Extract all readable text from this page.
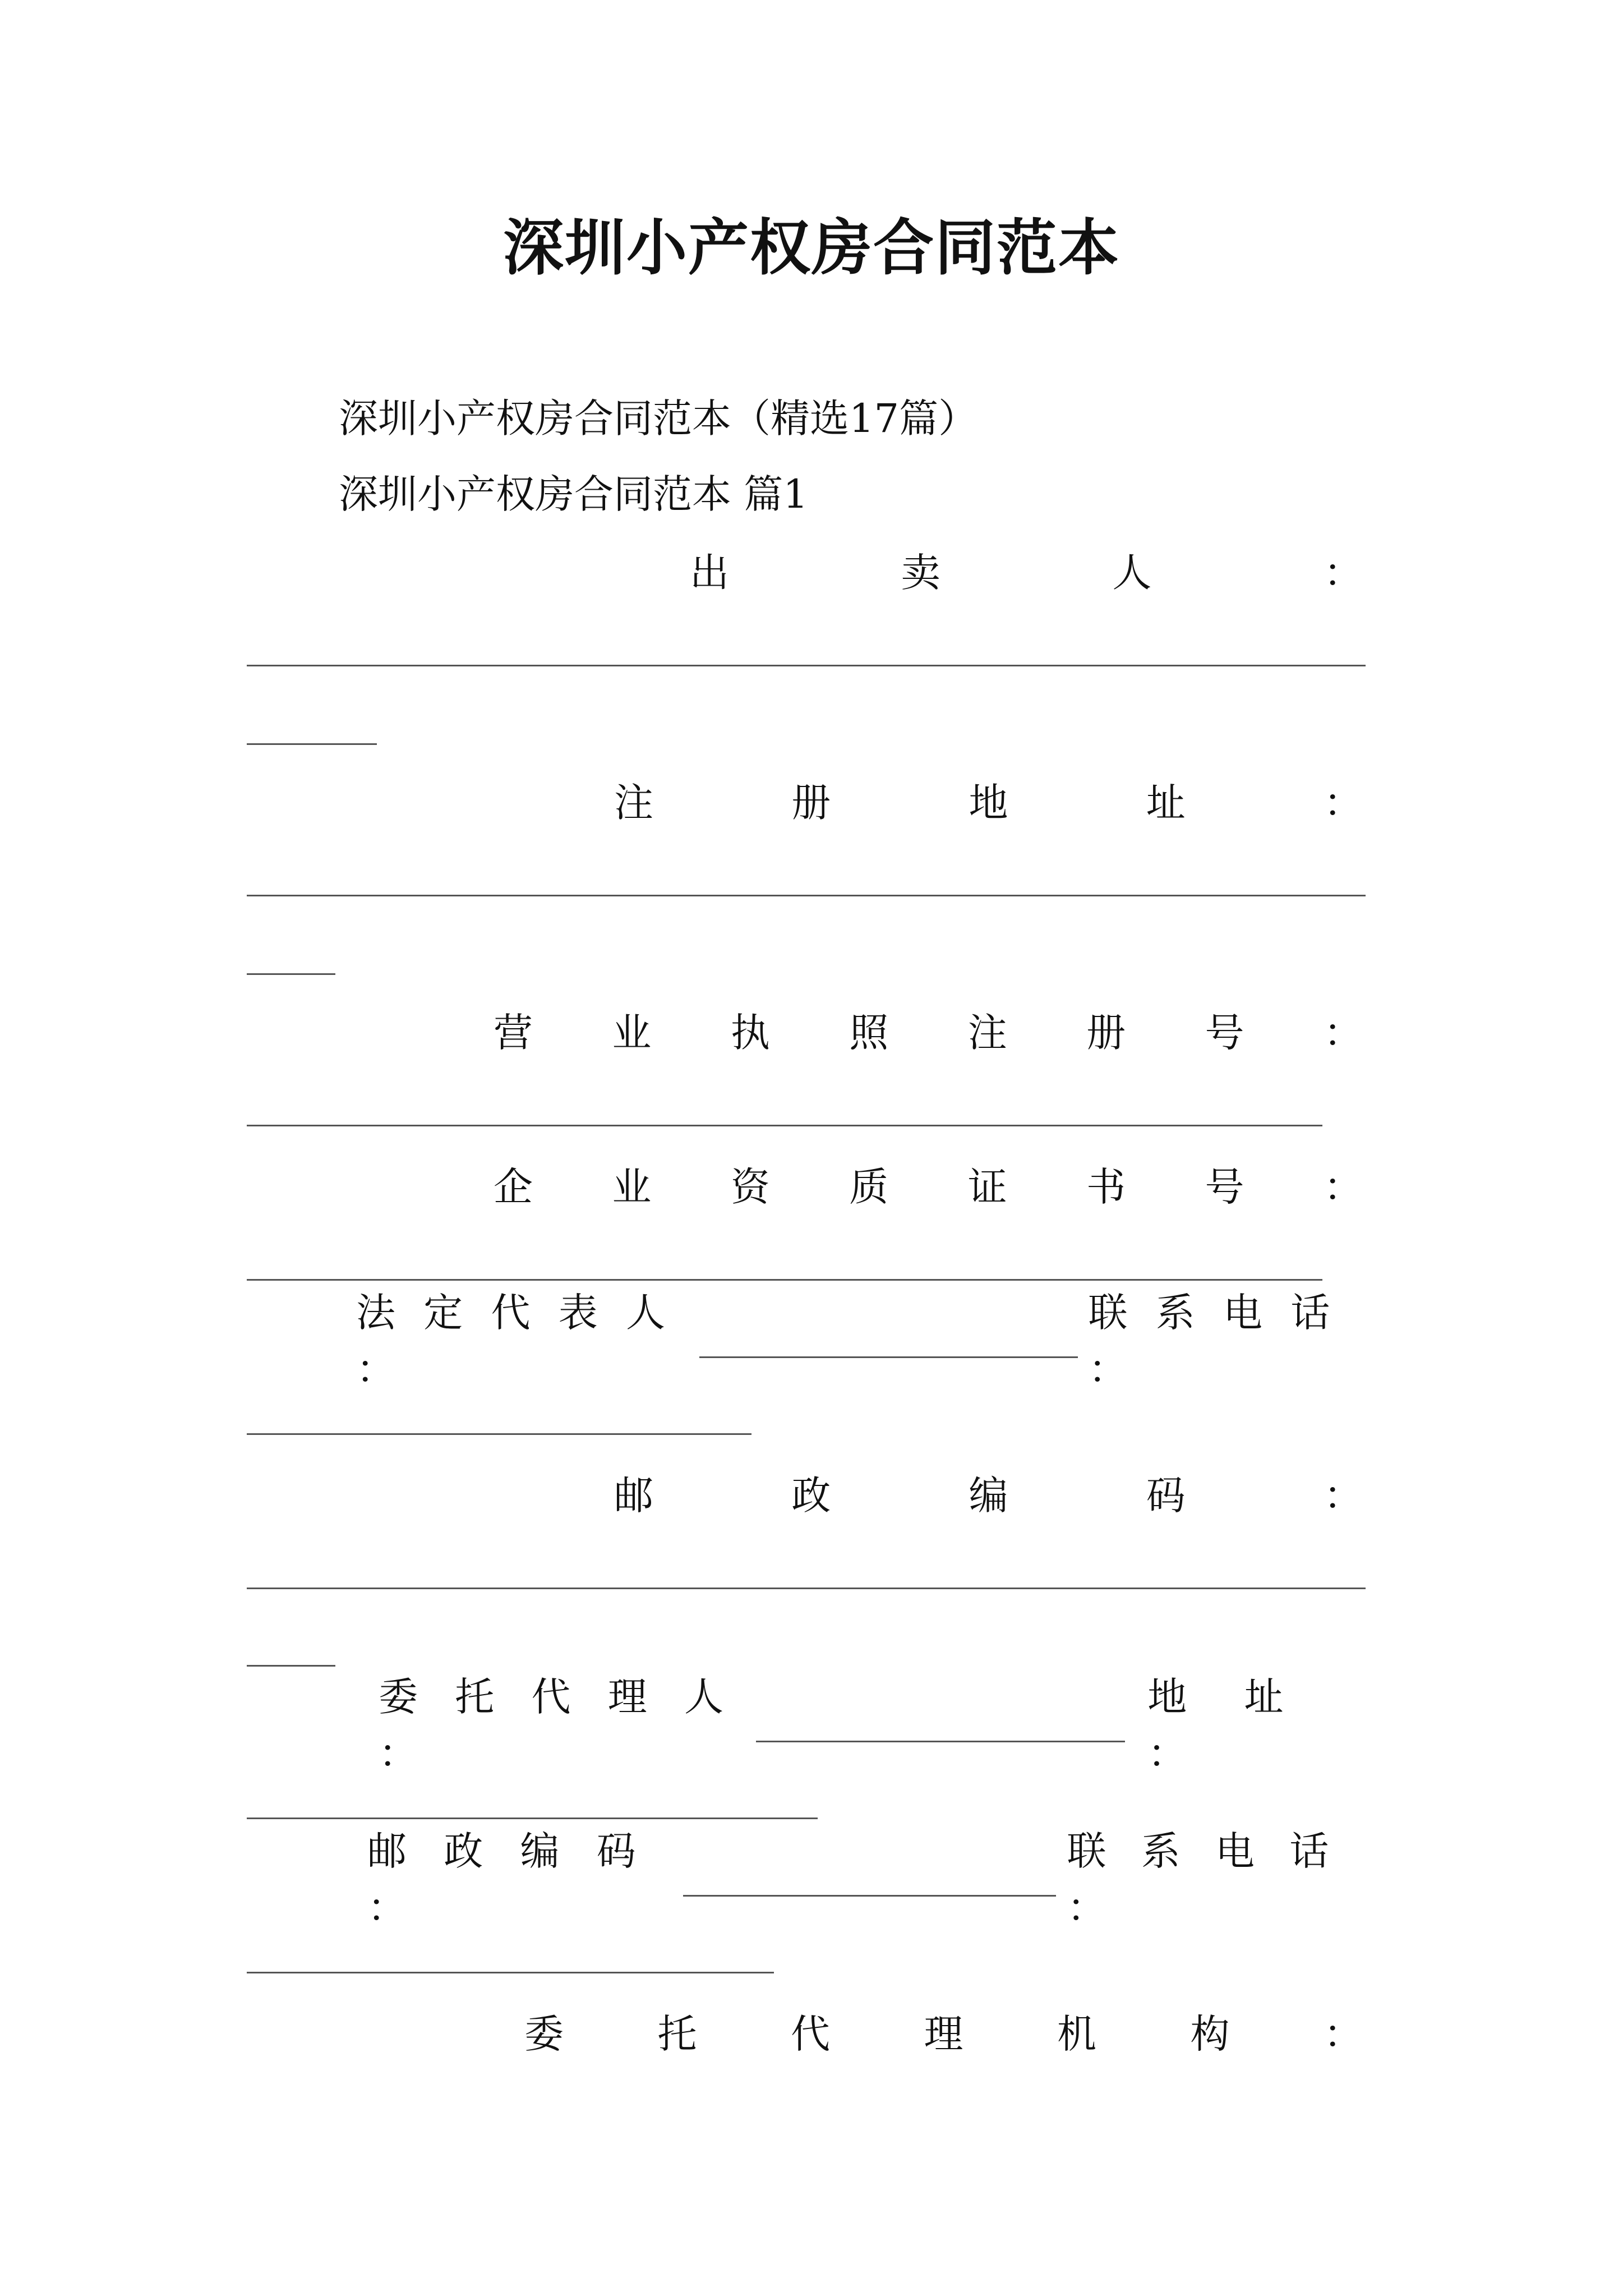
深圳小产权房合同范本
深圳小产权房合同范本（精选17篇）
深圳小产权房合同范本 篇1
出	卖	人	：
注	册	地	址	：
营 业 执 照 注 册 号 ：
企 业 资 质 证 书 号 ：
法 定 代 表 人 ：
联 系 电 话 ：
邮	政	编	码	：
委 托 代 理 人 ：
地 址 ：
邮 政 编 码 ：
联 系 电 话 ：
委 托 代 理 机 构 ：
